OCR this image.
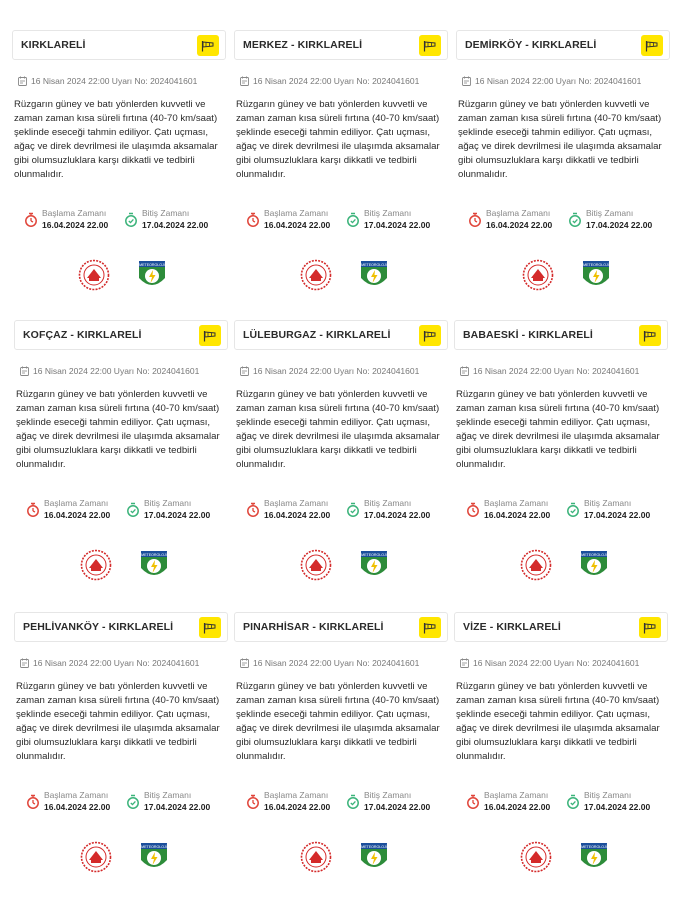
KIRKLARELİ
16 Nisan 2024 22:00 Uyarı No: 2024041601
Rüzgarın güney ve batı yönlerden kuvvetli ve zaman zaman kısa süreli fırtına (40-70 km/saat) şeklinde eseceği tahmin ediliyor. Çatı uçması, ağaç ve direk devrilmesi ile ulaşımda aksamalar gibi olumsuzluklara karşı dikkatli ve tedbirli olunmalıdır.
Başlama Zamanı
16.04.2024 22.00
Bitiş Zamanı
17.04.2024 22.00
METEOROLOJİ
MERKEZ - KIRKLARELİ
16 Nisan 2024 22:00 Uyarı No: 2024041601
Rüzgarın güney ve batı yönlerden kuvvetli ve zaman zaman kısa süreli fırtına (40-70 km/saat) şeklinde eseceği tahmin ediliyor. Çatı uçması, ağaç ve direk devrilmesi ile ulaşımda aksamalar gibi olumsuzluklara karşı dikkatli ve tedbirli olunmalıdır.
Başlama Zamanı
16.04.2024 22.00
Bitiş Zamanı
17.04.2024 22.00
METEOROLOJİ
DEMİRKÖY - KIRKLARELİ
16 Nisan 2024 22:00 Uyarı No: 2024041601
Rüzgarın güney ve batı yönlerden kuvvetli ve zaman zaman kısa süreli fırtına (40-70 km/saat) şeklinde eseceği tahmin ediliyor. Çatı uçması, ağaç ve direk devrilmesi ile ulaşımda aksamalar gibi olumsuzluklara karşı dikkatli ve tedbirli olunmalıdır.
Başlama Zamanı
16.04.2024 22.00
Bitiş Zamanı
17.04.2024 22.00
METEOROLOJİ
KOFÇAZ - KIRKLARELİ
16 Nisan 2024 22:00 Uyarı No: 2024041601
Rüzgarın güney ve batı yönlerden kuvvetli ve zaman zaman kısa süreli fırtına (40-70 km/saat) şeklinde eseceği tahmin ediliyor. Çatı uçması, ağaç ve direk devrilmesi ile ulaşımda aksamalar gibi olumsuzluklara karşı dikkatli ve tedbirli olunmalıdır.
Başlama Zamanı
16.04.2024 22.00
Bitiş Zamanı
17.04.2024 22.00
METEOROLOJİ
LÜLEBURGAZ - KIRKLARELİ
16 Nisan 2024 22:00 Uyarı No: 2024041601
Rüzgarın güney ve batı yönlerden kuvvetli ve zaman zaman kısa süreli fırtına (40-70 km/saat) şeklinde eseceği tahmin ediliyor. Çatı uçması, ağaç ve direk devrilmesi ile ulaşımda aksamalar gibi olumsuzluklara karşı dikkatli ve tedbirli olunmalıdır.
Başlama Zamanı
16.04.2024 22.00
Bitiş Zamanı
17.04.2024 22.00
METEOROLOJİ
BABAESKİ - KIRKLARELİ
16 Nisan 2024 22:00 Uyarı No: 2024041601
Rüzgarın güney ve batı yönlerden kuvvetli ve zaman zaman kısa süreli fırtına (40-70 km/saat) şeklinde eseceği tahmin ediliyor. Çatı uçması, ağaç ve direk devrilmesi ile ulaşımda aksamalar gibi olumsuzluklara karşı dikkatli ve tedbirli olunmalıdır.
Başlama Zamanı
16.04.2024 22.00
Bitiş Zamanı
17.04.2024 22.00
METEOROLOJİ
PEHLİVANKÖY - KIRKLARELİ
16 Nisan 2024 22:00 Uyarı No: 2024041601
Rüzgarın güney ve batı yönlerden kuvvetli ve zaman zaman kısa süreli fırtına (40-70 km/saat) şeklinde eseceği tahmin ediliyor. Çatı uçması, ağaç ve direk devrilmesi ile ulaşımda aksamalar gibi olumsuzluklara karşı dikkatli ve tedbirli olunmalıdır.
Başlama Zamanı
16.04.2024 22.00
Bitiş Zamanı
17.04.2024 22.00
METEOROLOJİ
PINARHİSAR - KIRKLARELİ
16 Nisan 2024 22:00 Uyarı No: 2024041601
Rüzgarın güney ve batı yönlerden kuvvetli ve zaman zaman kısa süreli fırtına (40-70 km/saat) şeklinde eseceği tahmin ediliyor. Çatı uçması, ağaç ve direk devrilmesi ile ulaşımda aksamalar gibi olumsuzluklara karşı dikkatli ve tedbirli olunmalıdır.
Başlama Zamanı
16.04.2024 22.00
Bitiş Zamanı
17.04.2024 22.00
METEOROLOJİ
VİZE - KIRKLARELİ
16 Nisan 2024 22:00 Uyarı No: 2024041601
Rüzgarın güney ve batı yönlerden kuvvetli ve zaman zaman kısa süreli fırtına (40-70 km/saat) şeklinde eseceği tahmin ediliyor. Çatı uçması, ağaç ve direk devrilmesi ile ulaşımda aksamalar gibi olumsuzluklara karşı dikkatli ve tedbirli olunmalıdır.
Başlama Zamanı
16.04.2024 22.00
Bitiş Zamanı
17.04.2024 22.00
METEOROLOJİ
